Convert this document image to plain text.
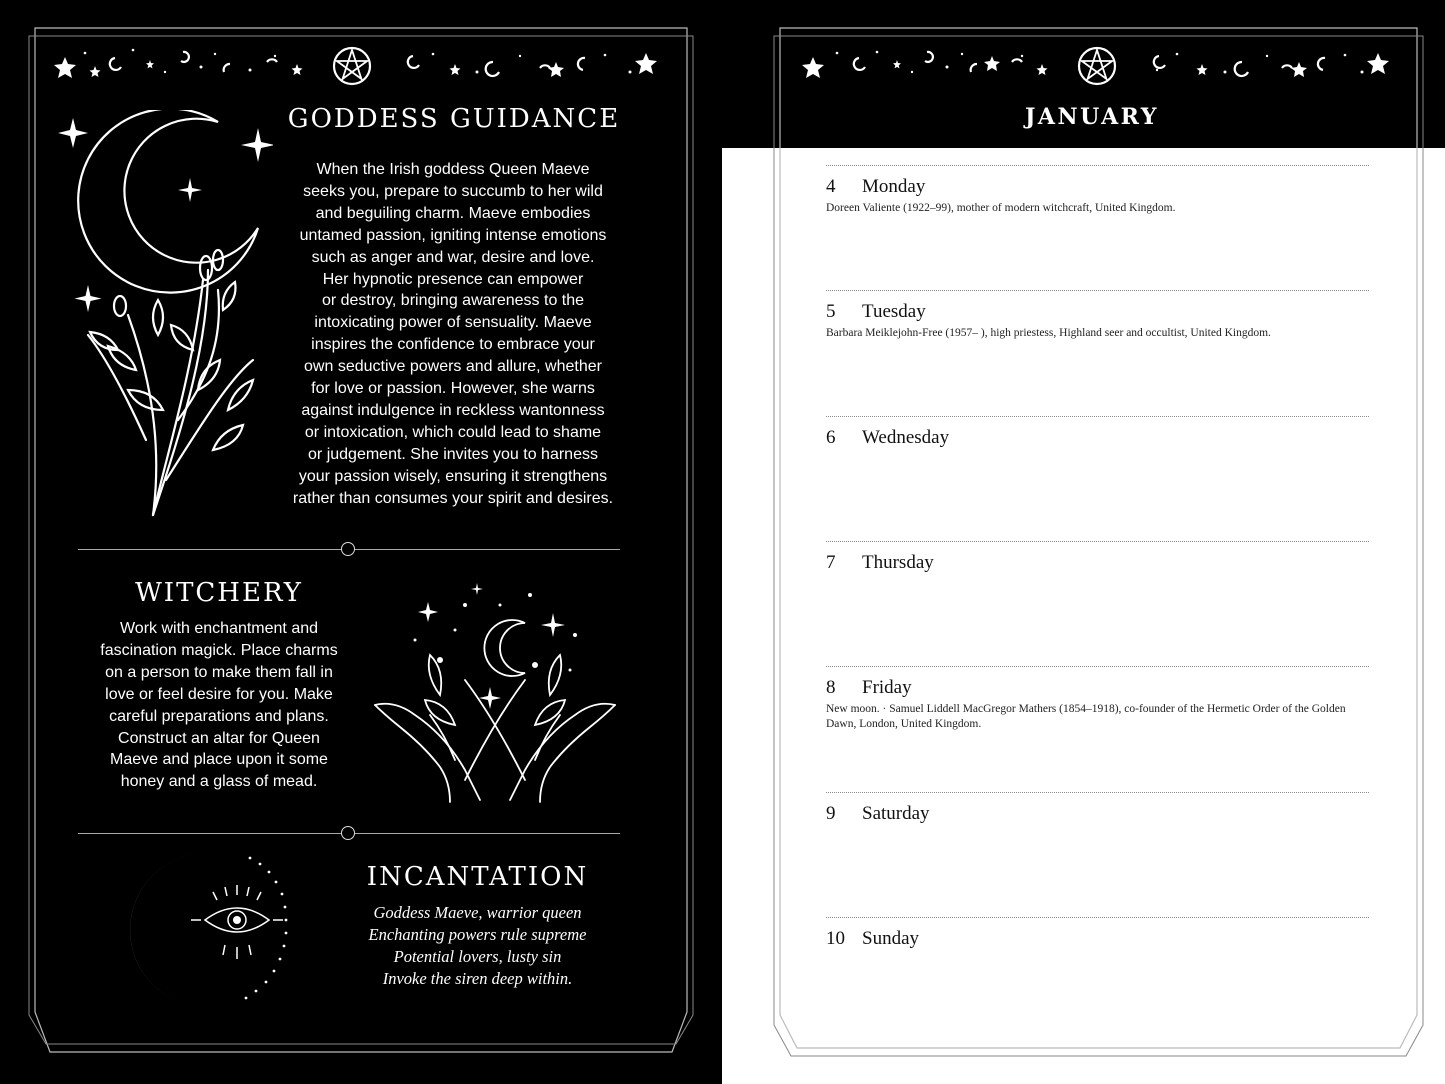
GODDESS GUIDANCE
When the Irish goddess Queen Maeve
seeks you, prepare to succumb to her wild
and beguiling charm. Maeve embodies
untamed passion, igniting intense emotions
such as anger and war, desire and love.
Her hypnotic presence can empower
or destroy, bringing awareness to the
intoxicating power of sensuality. Maeve
inspires the confidence to embrace your
own seductive powers and allure, whether
for love or passion. However, she warns
against indulgence in reckless wantonness
or intoxication, which could lead to shame
or judgement. She invites you to harness
your passion wisely, ensuring it strengthens
rather than consumes your spirit and desires.
WITCHERY
Work with enchantment and
fascination magick. Place charms
on a person to make them fall in
love or feel desire for you. Make
careful preparations and plans.
Construct an altar for Queen
Maeve and place upon it some
honey and a glass of mead.
INCANTATION
Goddess Maeve, warrior queen
Enchanting powers rule supreme
Potential lovers, lusty sin
Invoke the siren deep within.
JANUARY
4 Monday
Doreen Valiente (1922–99), mother of modern witchcraft, United Kingdom.
5 Tuesday
Barbara Meiklejohn-Free (1957– ), high priestess, Highland seer and occultist, United Kingdom.
6 Wednesday
7 Thursday
8 Friday
New moon. · Samuel Liddell MacGregor Mathers (1854–1918), co-founder of the Hermetic Order of the Golden Dawn, London, United Kingdom.
9 Saturday
10 Sunday
